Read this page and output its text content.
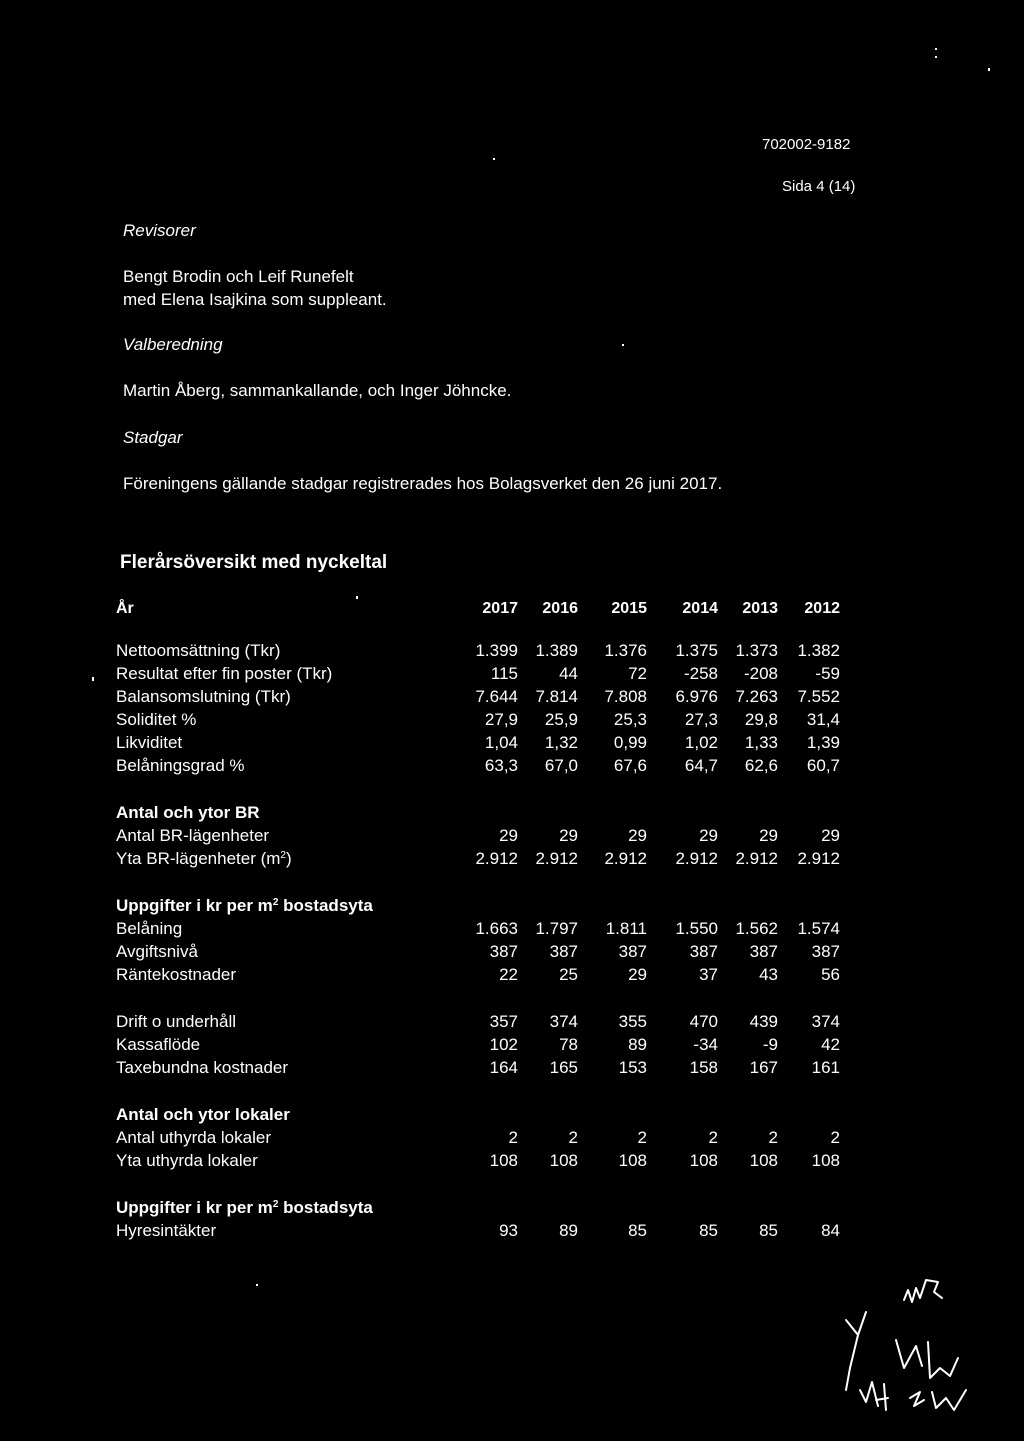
702002-9182
Sida 4 (14)
Revisorer
Bengt Brodin och Leif Runefelt
med Elena Isajkina som suppleant.
Valberedning
Martin Åberg, sammankallande, och Inger Jöhncke.
Stadgar
Föreningens gällande stadgar registrerades hos Bolagsverket den 26 juni 2017.
Flerårsöversikt med nyckeltal
År	2017	2016	2015	2014	2013	2012

Nettoomsättning (Tkr)	1.399	1.389	1.376	1.375	1.373	1.382
Resultat efter fin poster (Tkr)	115	44	72	-258	-208	-59
Balansomslutning (Tkr)	7.644	7.814	7.808	6.976	7.263	7.552
Soliditet %	27,9	25,9	25,3	27,3	29,8	31,4
Likviditet	1,04	1,32	0,99	1,02	1,33	1,39
Belåningsgrad %	63,3	67,0	67,6	64,7	62,6	60,7

Antal och ytor BR						
Antal BR-lägenheter	29	29	29	29	29	29
Yta BR-lägenheter $(m^2)$	2.912	2.912	2.912	2.912	2.912	2.912

Uppgifter i kr per $m^2$ bostadsyta						
Belåning	1.663	1.797	1.811	1.550	1.562	1.574
Avgiftsnivå	387	387	387	387	387	387
Räntekostnader	22	25	29	37	43	56

Drift o underhåll	357	374	355	470	439	374
Kassaflöde	102	78	89	-34	-9	42
Taxebundna kostnader	164	165	153	158	167	161

Antal och ytor lokaler						
Antal uthyrda lokaler	2	2	2	2	2	2
Yta uthyrda lokaler	108	108	108	108	108	108

Uppgifter i kr per $m^2$ bostadsyta						
Hyresintäkter	93	89	85	85	85	84
